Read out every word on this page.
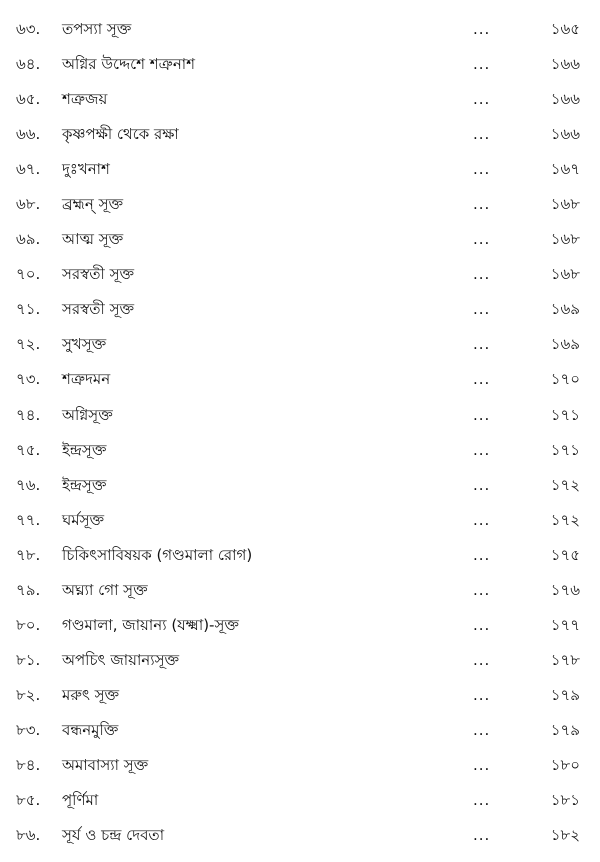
৬৩.	তপস্যা সূক্ত	...	১৬৫
৬৪.	অগ্নির উদ্দেশে শত্রুনাশ	...	১৬৬
৬৫.	শত্রুজয়	...	১৬৬
৬৬.	কৃষ্ণপক্ষী থেকে রক্ষা	...	১৬৬
৬৭.	দুঃখনাশ	...	১৬৭
৬৮.	ব্রহ্মন্‌ সূক্ত	...	১৬৮
৬৯.	আত্ম সূক্ত	...	১৬৮
৭০.	সরস্বতী সূক্ত	...	১৬৮
৭১.	সরস্বতী সূক্ত	...	১৬৯
৭২.	সুখসূক্ত	...	১৬৯
৭৩.	শত্রুদমন	...	১৭০
৭৪.	অগ্নিসূক্ত	...	১৭১
৭৫.	ইন্দ্রসূক্ত	...	১৭১
৭৬.	ইন্দ্রসূক্ত	...	১৭২
৭৭.	ঘর্মসূক্ত	...	১৭২
৭৮.	চিকিৎসাবিষয়ক (গণ্ডমালা রোগ)	...	১৭৫
৭৯.	অঘ্ন্যা গো সূক্ত	...	১৭৬
৮০.	গণ্ডমালা, জায়ান্য (যক্ষ্মা)-সূক্ত	...	১৭৭
৮১.	অপচিৎ জায়ান্যসূক্ত	...	১৭৮
৮২.	মরুৎ সূক্ত	...	১৭৯
৮৩.	বন্ধনমুক্তি	...	১৭৯
৮৪.	অমাবাস্যা সূক্ত	...	১৮০
৮৫.	পূর্ণিমা	...	১৮১
৮৬.	সূর্য ও চন্দ্র দেবতা	...	১৮২
